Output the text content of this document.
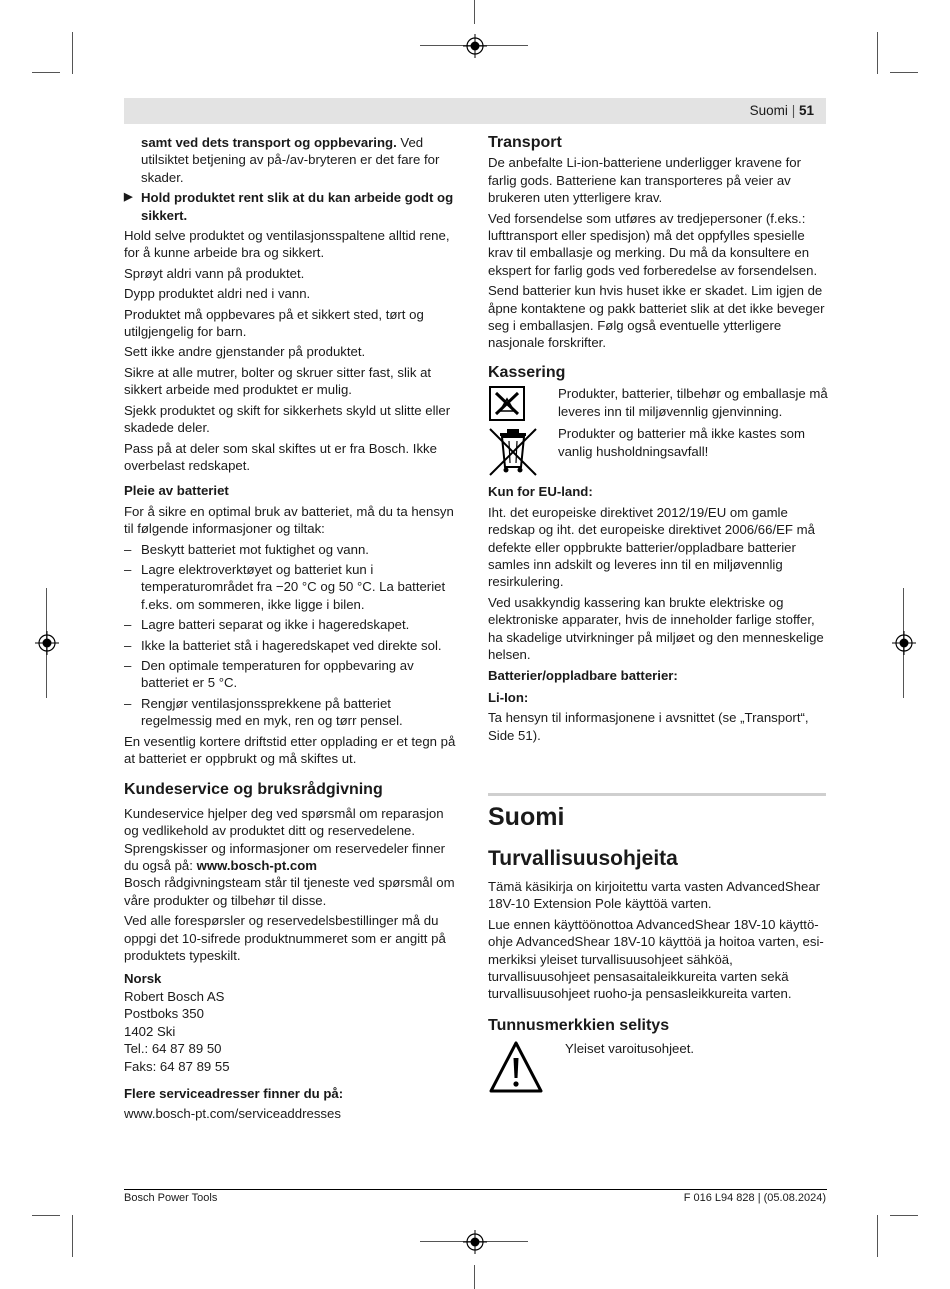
Suomi | 51

samt ved dets transport og oppbevaring. Ved utilsiktet betjening av på-/av-bryteren er det fare for skader.

▶ Hold produktet rent slik at du kan arbeide godt og sikkert.

Hold selve produktet og ventilasjonsspaltene alltid rene, for å kunne arbeide bra og sikkert.

Sprøyt aldri vann på produktet.

Dypp produktet aldri ned i vann.

Produktet må oppbevares på et sikkert sted, tørt og utilgjengelig for barn.

Sett ikke andre gjenstander på produktet.

Sikre at alle mutrer, bolter og skruer sitter fast, slik at sikkert arbeide med produktet er mulig.

Sjekk produktet og skift for sikkerhets skyld ut slitte eller skadede deler.

Pass på at deler som skal skiftes ut er fra Bosch. Ikke overbelast redskapet.

Pleie av batteriet

For å sikre en optimal bruk av batteriet, må du ta hensyn til følgende informasjoner og tiltak:

– Beskytt batteriet mot fuktighet og vann.
– Lagre elektroverktøyet og batteriet kun i temperaturområdet fra −20 °C og 50 °C. La batteriet f.eks. om sommeren, ikke ligge i bilen.
– Lagre batteri separat og ikke i hageredskapet.
– Ikke la batteriet stå i hageredskapet ved direkte sol.
– Den optimale temperaturen for oppbevaring av batteriet er 5 °C.
– Rengjør ventilasjonssprekkene på batteriet regelmessig med en myk, ren og tørr pensel.

En vesentlig kortere driftstid etter opplading er et tegn på at batteriet er oppbrukt og må skiftes ut.

Kundeservice og bruksrådgivning

Kundeservice hjelper deg ved spørsmål om reparasjon og vedlikehold av produktet ditt og reservedelene.

Sprengskisser og informasjoner om reservedeler finner du også på: www.bosch-pt.com

Bosch rådgivningsteam står til tjeneste ved spørsmål om våre produkter og tilbehør til disse.

Ved alle forespørsler og reservedelsbestillinger må du oppgi det 10-sifrede produktnummeret som er angitt på produktets typeskilt.

Norsk
Robert Bosch AS
Postboks 350
1402 Ski
Tel.: 64 87 89 50
Faks: 64 87 89 55
Flere serviceadresser finner du på:

www.bosch-pt.com/serviceaddresses

Transport

De anbefalte Li-ion-batteriene underligger kravene for farlig gods. Batteriene kan transporteres på veier av brukeren uten ytterligere krav.

Ved forsendelse som utføres av tredjepersoner (f.eks.: lufttransport eller spedisjon) må det oppfylles spesielle krav til emballasje og merking. Du må da konsultere en ekspert for farlig gods ved forberedelse av forsendelsen.

Send batterier kun hvis huset ikke er skadet. Lim igjen de åpne kontaktene og pakk batteriet slik at det ikke beveger seg i emballasjen. Følg også eventuelle ytterligere nasjonale forskrifter.

Kassering
Produkter, batterier, tilbehør og emballasje må leveres inn til miljøvennlig gjenvinning.
Produkter og batterier må ikke kastes som vanlig husholdningsavfall!
Kun for EU-land:

Iht. det europeiske direktivet 2012/19/EU om gamle redskap og iht. det europeiske direktivet 2006/66/EF må defekte eller oppbrukte batterier/oppladbare batterier samles inn adskilt og leveres inn til en miljøvennlig resirkulering.

Ved usakkyndig kassering kan brukte elektriske og elektroniske apparater, hvis de inneholder farlige stoffer, ha skadelige utvirkninger på miljøet og den menneskelige helsen.

Batterier/oppladbare batterier:
Li-Ion:

Ta hensyn til informasjonene i avsnittet (se „Transport“, Side 51).

Suomi
Turvallisuusohjeita

Tämä käsikirja on kirjoitettu varta vasten AdvancedShear 18V-10 Extension Pole käyttöä varten.

Lue ennen käyttöönottoa AdvancedShear 18V-10 käyttö-ohje AdvancedShear 18V-10 käyttöä ja hoitoa varten, esi-merkiksi yleiset turvallisuusohjeet sähköä, turvallisuusohjeet pensasaitaleikkureita varten sekä turvallisuusohjeet ruoho-ja pensasleikkureita varten.

Tunnusmerkkien selitys
Yleiset varoitusohjeet.
Bosch Power Tools	F 016 L94 828 | (05.08.2024)
